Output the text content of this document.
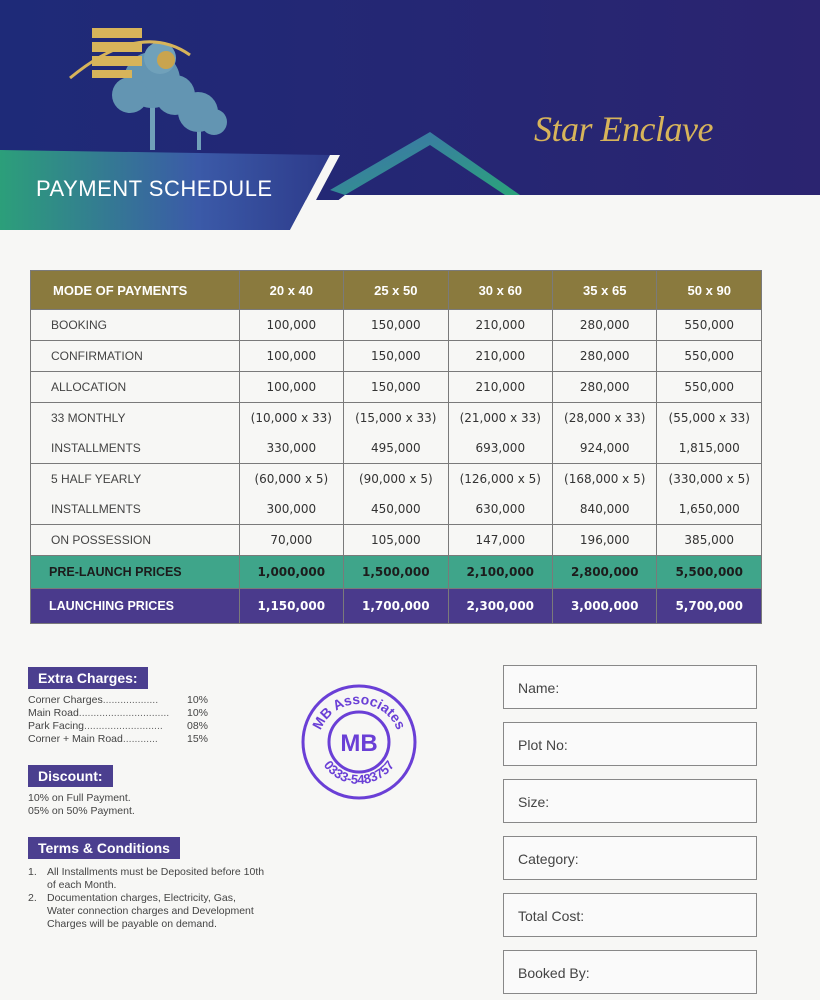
PAYMENT SCHEDULE
Star Enclave
MODE OF PAYMENTS	20 x 40	25 x 50	30 x 60	35 x 65	50 x 90
BOOKING	100,000	150,000	210,000	280,000	550,000
CONFIRMATION	100,000	150,000	210,000	280,000	550,000
ALLOCATION	100,000	150,000	210,000	280,000	550,000
33 MONTHLY	(10,000 x 33)	(15,000 x 33)	(21,000 x 33)	(28,000 x 33)	(55,000 x 33)
INSTALLMENTS	330,000	495,000	693,000	924,000	1,815,000
5 HALF YEARLY	(60,000 x 5)	(90,000 x 5)	(126,000 x 5)	(168,000 x 5)	(330,000 x 5)
INSTALLMENTS	300,000	450,000	630,000	840,000	1,650,000
ON POSSESSION	70,000	105,000	147,000	196,000	385,000
PRE-LAUNCH PRICES	1,000,000	1,500,000	2,100,000	2,800,000	5,500,000
LAUNCHING PRICES	1,150,000	1,700,000	2,300,000	3,000,000	5,700,000
Extra Charges:
Corner Charges ...................	10%
Main Road ...............................	10%
Park Facing ...........................	08%
Corner + Main Road ............	15%
Discount:
10% on Full Payment.
05% on 50% Payment.
Terms & Conditions
1. All Installments must be Deposited before 10th
of each Month.
2. Documentation charges, Electricity, Gas,
Water connection charges and Development
Charges will be payable on demand.
MB Associates
0333-5483757
MB
Name:
Plot No:
Size:
Category:
Total Cost:
Booked By:
